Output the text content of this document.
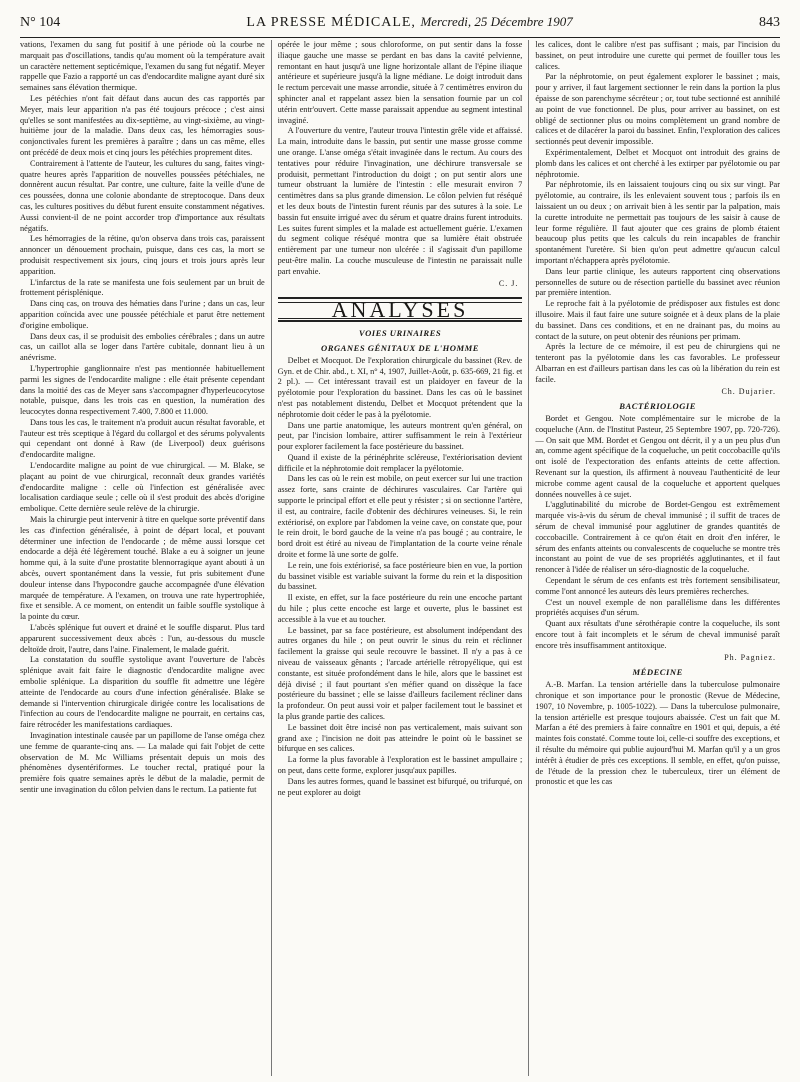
N° 104	LA PRESSE MÉDICALE, Mercredi, 25 Décembre 1907	843

vations, l'examen du sang fut positif à une période où la courbe ne marquait pas d'oscillations, tandis qu'au moment où la température avait un caractère nettement septicémique, l'examen du sang fut négatif. Meyer rappelle que Fazio a rapporté un cas d'endocardite maligne ayant duré six semaines sans élévation thermique.

Les pétéchies n'ont fait défaut dans aucun des cas rapportés par Meyer, mais leur apparition n'a pas été toujours précoce ; c'est ainsi qu'elles se sont manifestées au dix-septième, au vingt-sixième, au vingt-huitième jour de la maladie. Dans deux cas, les hémorragies sous-conjonctivales furent les premières à paraître ; dans un cas même, elles ont précédé de deux mois et cinq jours les pétéchies proprement dites.

Contrairement à l'attente de l'auteur, les cultures du sang, faites vingt-quatre heures après l'apparition de nouvelles poussées pétéchiales, ne donnèrent aucun résultat. Par contre, une culture, faite la veille d'une de ces poussées, donna une colonie abondante de streptocoque. Dans deux cas, les cultures positives du début furent ensuite constamment négatives. Aussi convient-il de ne point accorder trop d'importance aux résultats négatifs.

Les hémorragies de la rétine, qu'on observa dans trois cas, paraissent annoncer un dénouement prochain, puisque, dans ces cas, la mort se produisit respectivement six jours, cinq jours et trois jours après leur apparition.

L'infarctus de la rate se manifesta une fois seulement par un bruit de frottement périsplénique.

Dans cinq cas, on trouva des hématies dans l'urine ; dans un cas, leur apparition coïncida avec une poussée pétéchiale et parut être nettement d'origine embolique.

Dans deux cas, il se produisit des embolies cérébrales ; dans un autre cas, un caillot alla se loger dans l'artère cubitale, donnant lieu à un anévrisme.

L'hypertrophie ganglionnaire n'est pas mentionnée habituellement parmi les signes de l'endocardite maligne : elle était présente cependant dans la moitié des cas de Meyer sans s'accompagner d'hyperleucocytose notable, puisque, dans les trois cas en question, la numération des leucocytes donna respectivement 7.400, 7.800 et 11.000.

Dans tous les cas, le traitement n'a produit aucun résultat favorable, et l'auteur est très sceptique à l'égard du collargol et des sérums polyvalents qui cependant ont donné à Raw (de Liverpool) deux guérisons d'endocardite maligne.

L'endocardite maligne au point de vue chirurgical. — M. Blake, se plaçant au point de vue chirurgical, reconnaît deux grandes variétés d'endocardite maligne : celle où l'infection est généralisée avec localisation cardiaque seule ; celle où il s'est produit des abcès d'origine embolique. Cette dernière seule relève de la chirurgie.

Mais la chirurgie peut intervenir à titre en quelque sorte préventif dans les cas d'infection généralisée, à point de départ local, et pouvant déterminer une infection de l'endocarde ; de même aussi lorsque cet endocarde a déjà été légèrement touché. Blake a eu à soigner un jeune homme qui, à la suite d'une prostatite blennorragique ayant abouti à un abcès, ouvert spontanément dans la vessie, fut pris subitement d'une douleur intense dans l'hypocondre gauche accompagnée d'une élévation marquée de température. A l'examen, on trouva une rate hypertrophiée, fixe et sensible. A ce moment, on entendit un faible souffle systolique à la pointe du cœur.

L'abcès splénique fut ouvert et drainé et le souffle disparut. Plus tard apparurent successivement deux abcès : l'un, au-dessous du muscle deltoïde droit, l'autre, dans l'aine. Finalement, le malade guérit.

La constatation du souffle systolique avant l'ouverture de l'abcès splénique avait fait faire le diagnostic d'endocardite maligne avec embolie splénique. La disparition du souffle fit admettre une légère atteinte de l'endocarde au cours d'une infection généralisée. Blake se demande si l'intervention chirurgicale dirigée contre les localisations de l'infection au cours de l'endocardite maligne ne pourrait, en certains cas, faire rétrocéder les manifestations cardiaques.

Invagination intestinale causée par un papillome de l'anse oméga chez une femme de quarante-cinq ans. — La malade qui fait l'objet de cette observation de M. Mc Williams présentait depuis un mois des phénomènes dysentériformes. Le toucher rectal, pratiqué pour la première fois quatre semaines après le début de la maladie, permit de sentir une invagination du côlon pelvien dans le rectum. La patiente fut

opérée le jour même ; sous chloroforme, on put sentir dans la fosse iliaque gauche une masse se perdant en bas dans la cavité pelvienne, remontant en haut jusqu'à une ligne horizontale allant de l'épine iliaque antérieure et supérieure jusqu'à la ligne médiane. Le doigt introduit dans le rectum percevait une masse arrondie, située à 7 centimètres environ du sphincter anal et rappelant assez bien la sensation fournie par un col utérin entr'ouvert. Cette masse paraissait appendue au segment intestinal invaginé.

A l'ouverture du ventre, l'auteur trouva l'intestin grêle vide et affaissé. La main, introduite dans le bassin, put sentir une masse grosse comme une orange. L'anse oméga s'était invaginée dans le rectum. Au cours des tentatives pour réduire l'invagination, une déchirure transversale se produisit, permettant l'introduction du doigt ; on put sentir alors une tumeur obstruant la lumière de l'intestin : elle mesurait environ 7 centimètres dans sa plus grande dimension. Le côlon pelvien fut réséqué et les deux bouts de l'intestin furent réunis par des sutures à la soie. Le bassin fut ensuite irrigué avec du sérum et quatre drains furent introduits. Les suites furent simples et la malade est actuellement guérie. L'examen du segment colique réséqué montra que sa lumière était obstruée entièrement par une tumeur non ulcérée : il s'agissait d'un papillome peut-être malin. La couche musculeuse de l'intestin ne paraissait nulle part envahie.

C. J.
ANALYSES
VOIES URINAIRES
ORGANES GÉNITAUX DE L'HOMME

Delbet et Mocquot. De l'exploration chirurgicale du bassinet (Rev. de Gyn. et de Chir. abd., t. XI, n° 4, 1907, Juillet-Août, p. 635-669, 21 fig. et 2 pl.). — Cet intéressant travail est un plaidoyer en faveur de la pyélotomie pour l'exploration du bassinet. Dans les cas où le bassinet n'est pas notablement distendu, Delbet et Mocquot prétendent que la néphrotomie doit céder le pas à la pyélotomie.

Dans une partie anatomique, les auteurs montrent qu'en général, on peut, par l'incision lombaire, attirer suffisamment le rein à l'extérieur pour explorer facilement la face postérieure du bassinet.

Quand il existe de la périnéphrite scléreuse, l'extériorisation devient difficile et la néphrotomie doit remplacer la pyélotomie.

Dans les cas où le rein est mobile, on peut exercer sur lui une traction assez forte, sans crainte de déchirures vasculaires. Car l'artère qui supporte le principal effort et elle peut y résister ; si on sectionne l'artère, il est, au contraire, facile d'obtenir des déchirures veineuses. Si, le rein extériorisé, on explore par l'abdomen la veine cave, on constate que, pour le rein droit, le bord gauche de la veine n'a pas bougé ; au contraire, le bord droit est étiré au niveau de l'implantation de la courte veine rénale droite et forme là une sorte de golfe.

Le rein, une fois extériorisé, sa face postérieure bien en vue, la portion du bassinet visible est variable suivant la forme du rein et la disposition du bassinet.

Il existe, en effet, sur la face postérieure du rein une encoche partant du hile ; plus cette encoche est large et ouverte, plus le bassinet est accessible à la vue et au toucher.

Le bassinet, par sa face postérieure, est absolument indépendant des autres organes du hile ; on peut ouvrir le sinus du rein et réclinner facilement la graisse qui seule recouvre le bassinet. Il n'y a pas à ce niveau de vaisseaux gênants ; l'arcade artérielle rétropyélique, qui est constante, est située profondément dans le hile, alors que le bassinet est déjà divisé ; il faut pourtant s'en méfier quand on dissèque la face postérieure du bassinet ; elle se laisse d'ailleurs facilement récliner dans la profondeur. On peut aussi voir et palper facilement tout le bassinet et la plus grande partie des calices.

Le bassinet doit être incisé non pas verticalement, mais suivant son grand axe ; l'incision ne doit pas atteindre le point où le bassinet se bifurque en ses calices.

La forme la plus favorable à l'exploration est le bassinet ampullaire ; on peut, dans cette forme, explorer jusqu'aux papilles.

Dans les autres formes, quand le bassinet est bifurqué, ou trifurqué, on ne peut explorer au doigt

les calices, dont le calibre n'est pas suffisant ; mais, par l'incision du bassinet, on peut introduire une curette qui permet de fouiller tous les calices.

Par la néphrotomie, on peut également explorer le bassinet ; mais, pour y arriver, il faut largement sectionner le rein dans la portion la plus épaisse de son parenchyme sécréteur ; or, tout tube sectionné est annihilé au point de vue fonctionnel. De plus, pour arriver au bassinet, on est obligé de sectionner plus ou moins complètement un grand nombre de calices et de dilacérer la paroi du bassinet. Enfin, l'exploration des calices sectionnés peut devenir impossible.

Expérimentalement, Delbet et Mocquot ont introduit des grains de plomb dans les calices et ont cherché à les extirper par pyélotomie ou par néphrotomie.

Par néphrotomie, ils en laissaient toujours cinq ou six sur vingt. Par pyélotomie, au contraire, ils les enlevaient souvent tous ; parfois ils en laissaient un ou deux ; on arrivait bien à les sentir par la palpation, mais la curette introduite ne permettait pas toujours de les saisir à cause de leur forme régulière. Il faut ajouter que ces grains de plomb étaient beaucoup plus petits que les calculs du rein incapables de franchir spontanément l'uretère. Si bien qu'on peut admettre qu'aucun calcul important n'échappera après pyélotomie.

Dans leur partie clinique, les auteurs rapportent cinq observations personnelles de suture ou de résection partielle du bassinet avec réunion par première intention.

Le reproche fait à la pyélotomie de prédisposer aux fistules est donc illusoire. Mais il faut faire une suture soignée et à deux plans de la plaie du bassinet. Dans ces conditions, et en ne drainant pas, du moins au contact de la suture, on peut obtenir des réunions per primam.

Après la lecture de ce mémoire, il est peu de chirurgiens qui ne tenteront pas la pyélotomie dans les cas favorables. Le professeur Albarran en est d'ailleurs partisan dans les cas où la libération du rein est facile.

Ch. Dujarier.
BACTÉRIOLOGIE

Bordet et Gengou. Note complémentaire sur le microbe de la coqueluche (Ann. de l'Institut Pasteur, 25 Septembre 1907, pp. 720-726). — On sait que MM. Bordet et Gengou ont décrit, il y a un peu plus d'un an, comme agent spécifique de la coqueluche, un petit coccobacille qu'ils ont isolé de l'expectoration des enfants atteints de cette affection. Revenant sur la question, ils affirment à nouveau l'authenticité de leur microbe comme agent causal de la coqueluche et apportent quelques données nouvelles à ce sujet.

L'agglutinabilité du microbe de Bordet-Gengou est extrêmement marquée vis-à-vis du sérum de cheval immunisé ; il suffit de traces de sérum de cheval immunisé pour agglutiner de grandes quantités de coccobacille. Contrairement à ce qu'on était en droit d'en inférer, le sérum des enfants atteints ou convalescents de coqueluche se montre très inconstant au point de vue de ses propriétés agglutinantes, et il faut renoncer à l'idée de réaliser un séro-diagnostic de la coqueluche.

Cependant le sérum de ces enfants est très fortement sensibilisateur, comme l'ont annoncé les auteurs dès leurs premières recherches.

C'est un nouvel exemple de non parallélisme dans les différentes propriétés acquises d'un sérum.

Quant aux résultats d'une sérothérapie contre la coqueluche, ils sont encore tout à fait incomplets et le sérum de cheval immunisé paraît encore très insuffisamment antitoxique.

Ph. Pagniez.
MÉDECINE

A.-B. Marfan. La tension artérielle dans la tuberculose pulmonaire chronique et son importance pour le pronostic (Revue de Médecine, 1907, 10 Novembre, p. 1005-1022). — Dans la tuberculose pulmonaire, la tension artérielle est presque toujours abaissée. C'est un fait que M. Marfan a été des premiers à faire connaître en 1901 et qui, depuis, a été maintes fois constaté. Comme toute loi, celle-ci souffre des exceptions, et il résulte du mémoire qui publie aujourd'hui M. Marfan qu'il y a un gros intérêt à étudier de près ces exceptions. Il semble, en effet, qu'on puisse, de l'étude de la pression chez le tuberculeux, tirer un élément de pronostic et que les cas
